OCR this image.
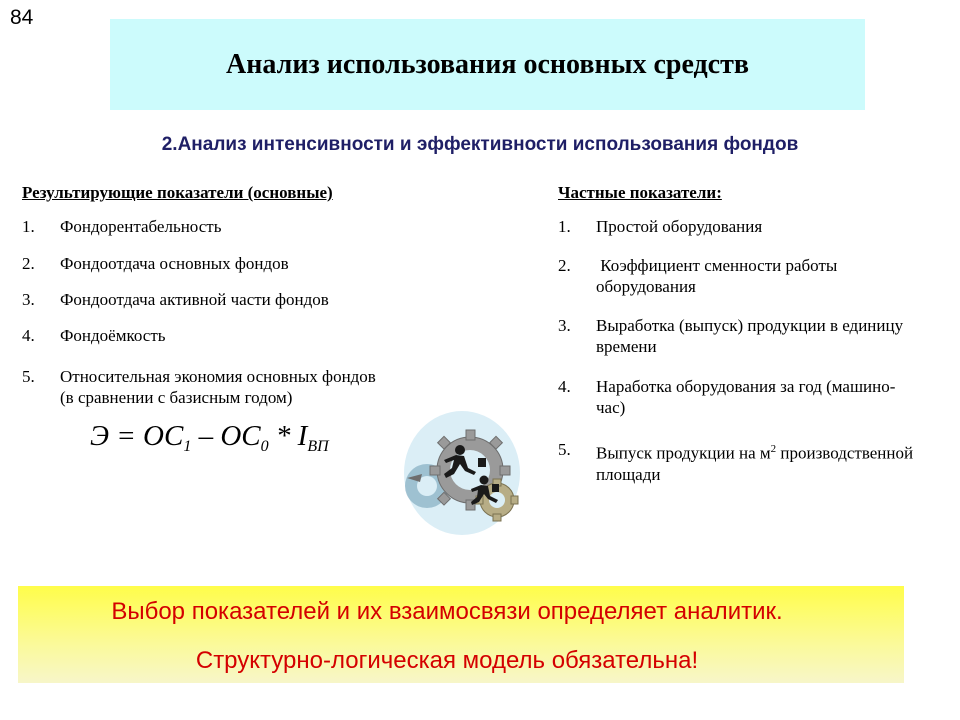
84
Анализ использования основных средств
2.Анализ интенсивности и эффективности использования фондов
Результирующие показатели (основные)
1. Фондорентабельность
2. Фондоотдача основных фондов
3. Фондоотдача активной части фондов
4. Фондоёмкость
5. Относительная экономия основных фондов (в сравнении с базисным годом)
$Э = ОС_1 - ОС_0 * I_{ВП}$
Частные показатели:
1. Простой оборудования
2. Коэффициент сменности работы оборудования
3. Выработка (выпуск) продукции в единицу времени
4. Наработка оборудования за год (машино-час)
5. Выпуск продукции на $м^2$ производственной площади
Выбор показателей и их взаимосвязи определяет аналитик.
Структурно-логическая модель обязательна!
